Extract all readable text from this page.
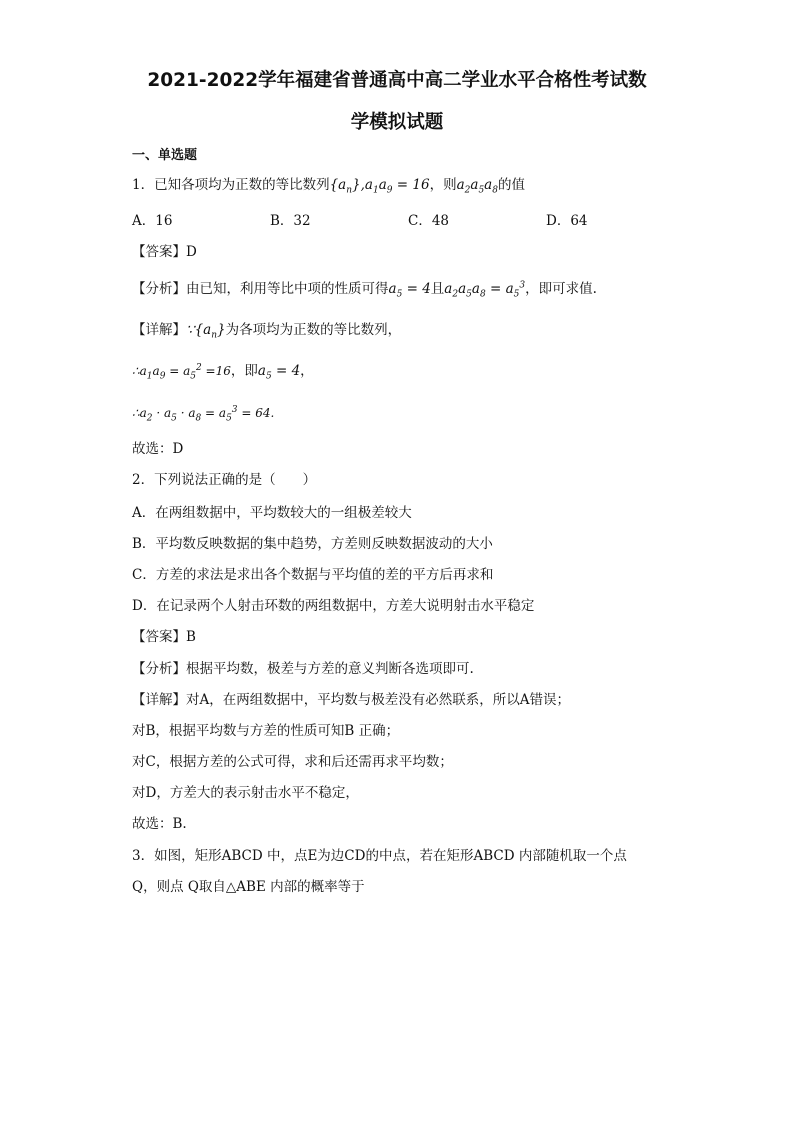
2021-2022学年福建省普通高中高二学业水平合格性考试数
学模拟试题
一、单选题
1．已知各项均为正数的等比数列$\{a_n\},a_1a_9 = 16$，则$a_2a_5a_8$的值
A．16	B．32	C．48	D．64
【答案】D
【分析】由已知，利用等比中项的性质可得$a_5 = 4$且$a_2a_5a_8 = a_5^3$，即可求值.
【详解】$\because\{a_n\}$为各项均为正数的等比数列，
$\therefore a_1a_9 = a_5^2 =16$，即$a_5 = 4$，
$\therefore a_2 \cdot a_5 \cdot a_8 = a_5^3 = 64$.
故选：D
2．下列说法正确的是（　　）
A．在两组数据中，平均数较大的一组极差较大
B．平均数反映数据的集中趋势，方差则反映数据波动的大小
C．方差的求法是求出各个数据与平均值的差的平方后再求和
D．在记录两个人射击环数的两组数据中，方差大说明射击水平稳定
【答案】B
【分析】根据平均数，极差与方差的意义判断各选项即可.
【详解】对A，在两组数据中，平均数与极差没有必然联系，所以A错误；
对B，根据平均数与方差的性质可知B 正确；
对C，根据方差的公式可得，求和后还需再求平均数；
对D，方差大的表示射击水平不稳定，
故选：B.
3．如图，矩形ABCD 中，点E为边CD的中点，若在矩形ABCD 内部随机取一个点
Q，则点 Q取自△ABE 内部的概率等于
